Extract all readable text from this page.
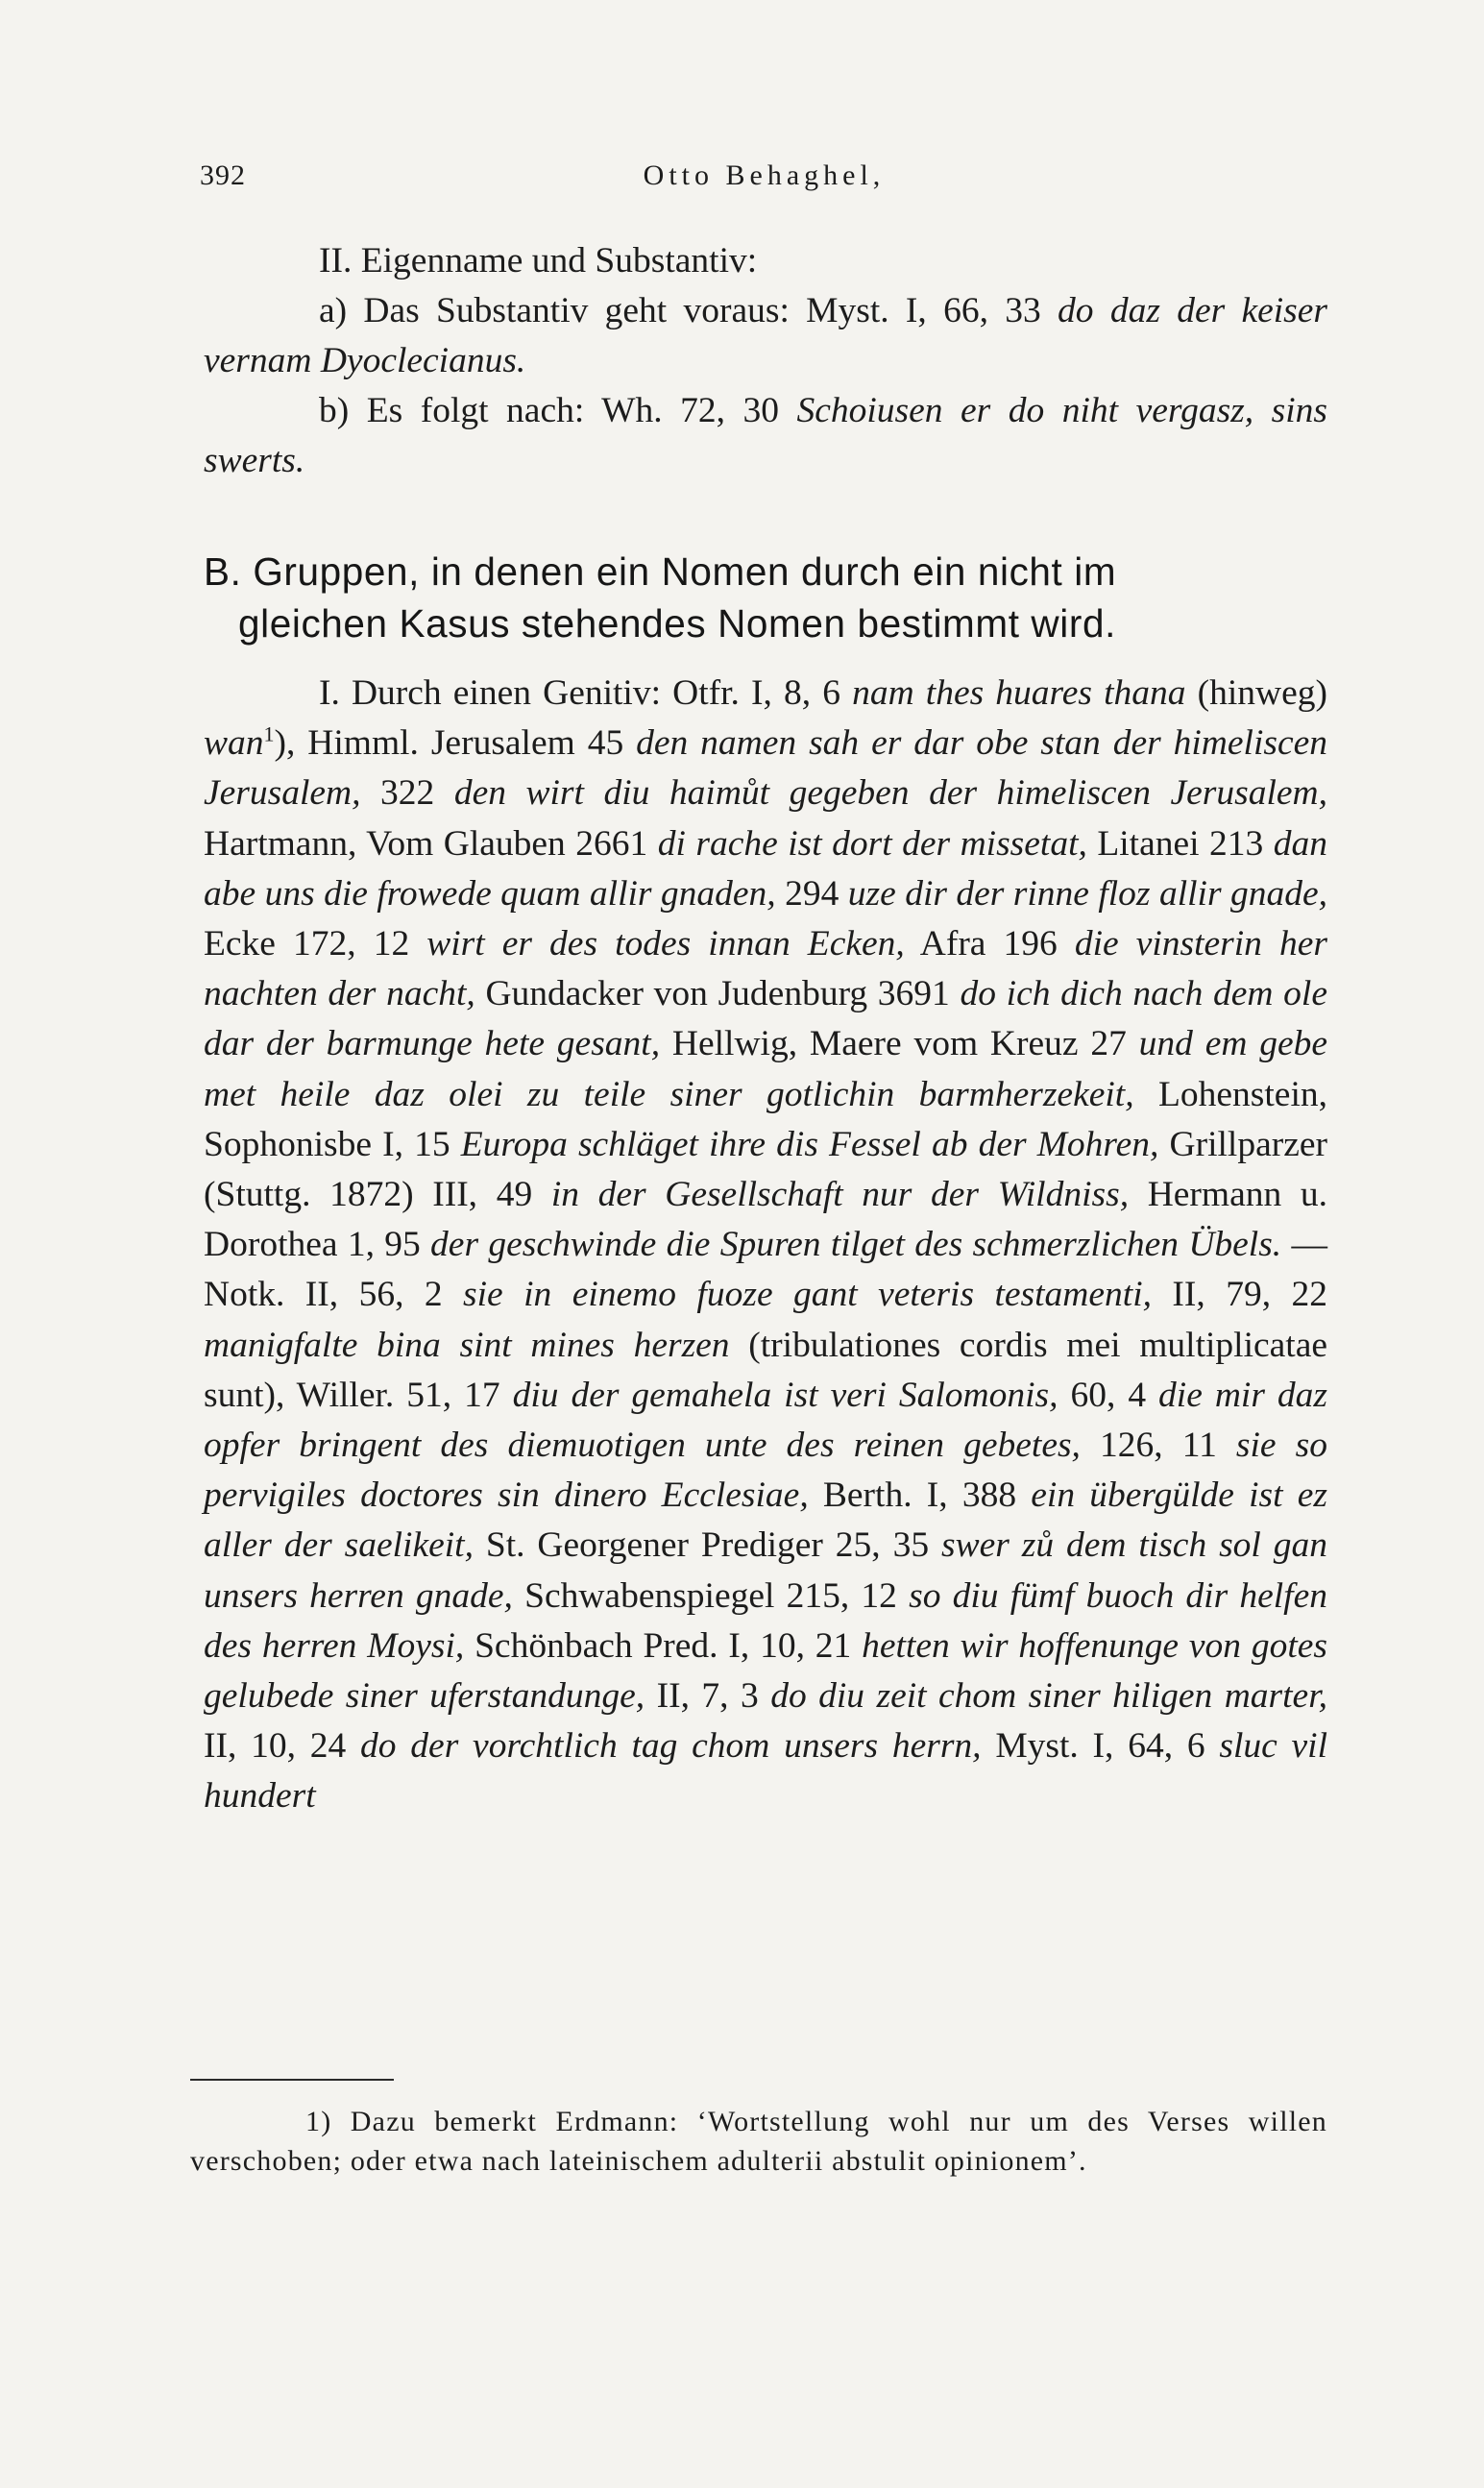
392	Otto Behaghel,

II. Eigenname und Substantiv:

a) Das Substantiv geht voraus: Myst. I, 66, 33 do daz der keiser vernam Dyoclecianus.

b) Es folgt nach: Wh. 72, 30 Schoiusen er do niht vergasz, sins swerts.

B. Gruppen, in denen ein Nomen durch ein nicht im
gleichen Kasus stehendes Nomen bestimmt wird.

I. Durch einen Genitiv: Otfr. I, 8, 6 nam thes huares thana (hinweg) wan$^1$), Himml. Jerusalem 45 den namen sah er dar obe stan der himeliscen Jerusalem, 322 den wirt diu haimůt gegeben der himeliscen Jerusalem, Hartmann, Vom Glauben 2661 di rache ist dort der missetat, Litanei 213 dan abe uns die frowede quam allir gnaden, 294 uze dir der rinne floz allir gnade, Ecke 172, 12 wirt er des todes innan Ecken, Afra 196 die vinsterin her nachten der nacht, Gundacker von Judenburg 3691 do ich dich nach dem ole dar der barmunge hete gesant, Hellwig, Maere vom Kreuz 27 und em gebe met heile daz olei zu teile siner gotlichin barmherzekeit, Lohenstein, Sophonisbe I, 15 Europa schläget ihre dis Fessel ab der Mohren, Grillparzer (Stuttg. 1872) III, 49 in der Gesellschaft nur der Wildniss, Hermann u. Dorothea 1, 95 der geschwinde die Spuren tilget des schmerzlichen Übels. — Notk. II, 56, 2 sie in einemo fuoze gant veteris testamenti, II, 79, 22 manigfalte bina sint mines herzen (tribulationes cordis mei multiplicatae sunt), Willer. 51, 17 diu der gemahela ist veri Salomonis, 60, 4 die mir daz opfer bringent des diemuotigen unte des reinen gebetes, 126, 11 sie so pervigiles doctores sin dinero Ecclesiae, Berth. I, 388 ein übergülde ist ez aller der saelikeit, St. Georgener Prediger 25, 35 swer zů dem tisch sol gan unsers herren gnade, Schwabenspiegel 215, 12 so diu fümf buoch dir helfen des herren Moysi, Schönbach Pred. I, 10, 21 hetten wir hoffenunge von gotes gelubede siner uferstandunge, II, 7, 3 do diu zeit chom siner hiligen marter, II, 10, 24 do der vorchtlich tag chom unsers herrn, Myst. I, 64, 6 sluc vil hundert

1) Dazu bemerkt Erdmann: ‘Wortstellung wohl nur um des Verses willen verschoben; oder etwa nach lateinischem adulterii abstulit opinionem’.
